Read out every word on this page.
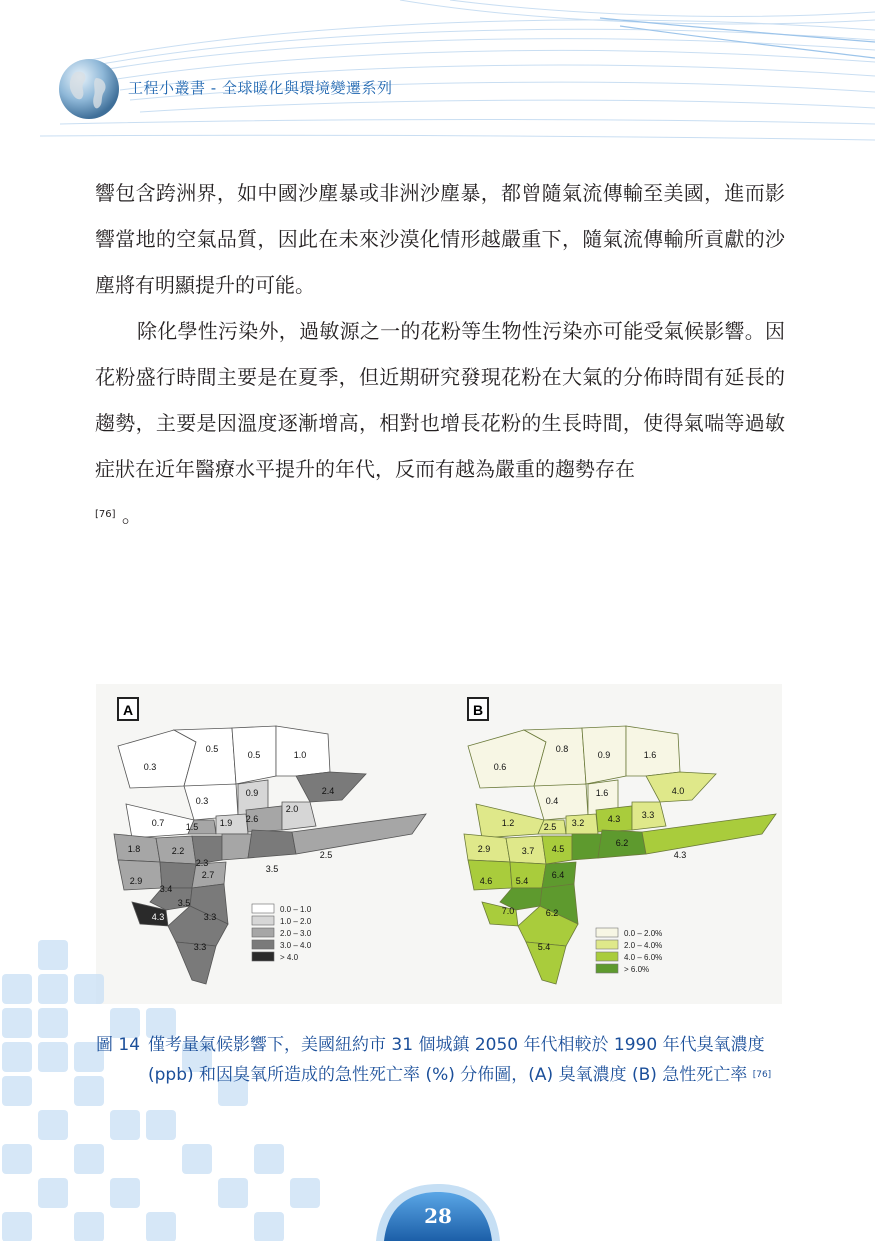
工程小叢書 - 全球暖化與環境變遷系列

響包含跨洲界，如中國沙塵暴或非洲沙塵暴，都曾隨氣流傳輸至美國，進而影響當地的空氣品質，因此在未來沙漠化情形越嚴重下，隨氣流傳輸所貢獻的沙塵將有明顯提升的可能。

除化學性污染外，過敏源之一的花粉等生物性污染亦可能受氣候影響。因花粉盛行時間主要是在夏季，但近期研究發現花粉在大氣的分佈時間有延長的趨勢，主要是因溫度逐漸增高，相對也增長花粉的生長時間，使得氣喘等過敏症狀在近年醫療水平提升的年代，反而有越為嚴重的趨勢存在
[76] 。

A
0.3
0.5
0.5	1.0
0.3
0.9	2.4
0.7 1.5 1.9 2.6
2.0
1.8	2.2
2.3
3.5
2.5
2.9
3.4
2.7
3.5
4.3	3.3
3.3
0.0 – 1.0
1.0 – 2.0
2.0 – 3.0
3.0 – 4.0
> 4.0
B
0.6
0.8
0.9	1.6
0.4
1.6	4.0
1.2	2.5 3.2	4.3 3.3
2.9	3.7 4.5
6.2
4.3
4.6	5.4
6.4
7.0	6.2
5.4
0.0 – 2.0%
2.0 – 4.0%
4.0 – 6.0%
> 6.0%
圖 14 僅考量氣候影響下，美國紐約市 31 個城鎮 2050 年代相較於 1990 年代臭氧濃度 (ppb) 和因臭氧所造成的急性死亡率 (%) 分佈圖，(A) 臭氧濃度 (B) 急性死亡率 [76]
28
